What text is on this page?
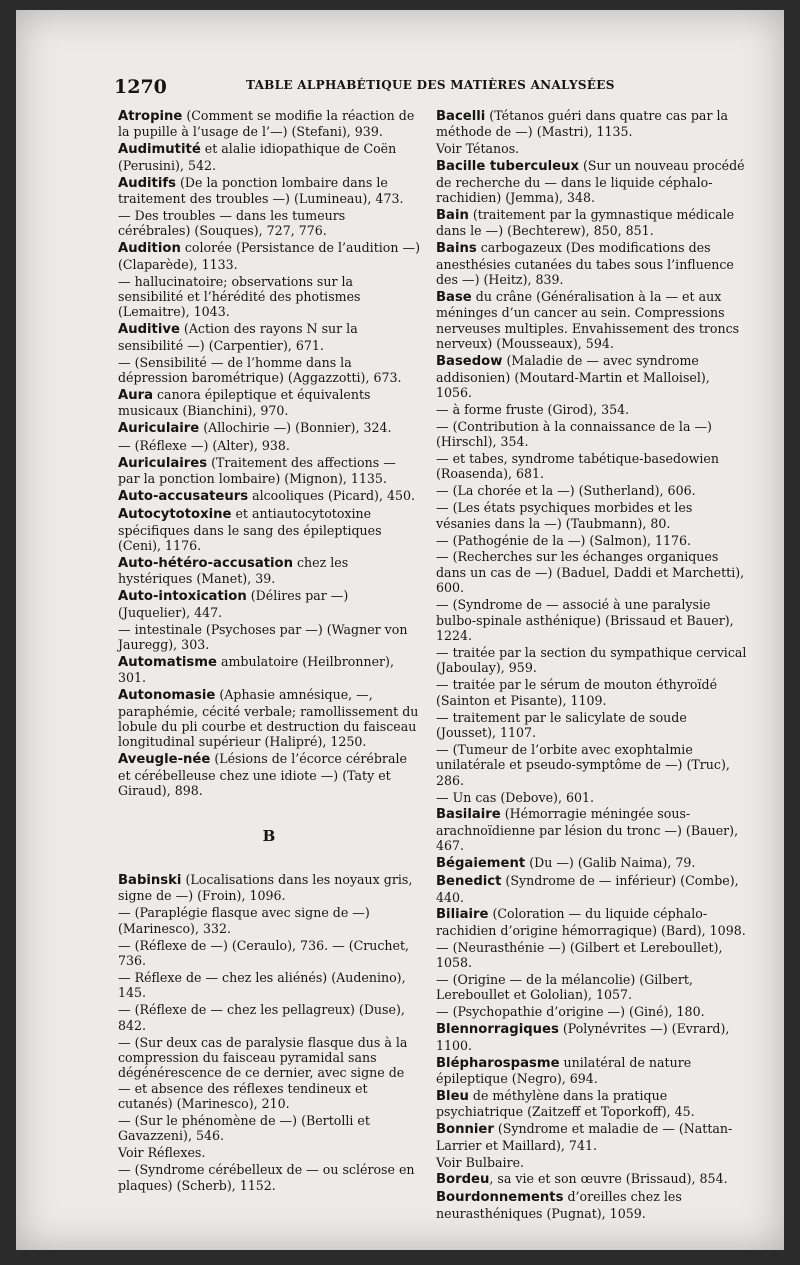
1270	TABLE ALPHABÉTIQUE DES MATIÈRES ANALYSÉES
Atropine (Comment se modifie la réaction de la pupille à l’usage de l’—) (Stefani), 939.
Audimutité et alalie idiopathique de Coën (Perusini), 542.
Auditifs (De la ponction lombaire dans le traitement des troubles —) (Lumineau), 473.
— Des troubles — dans les tumeurs cérébrales) (Souques), 727, 776.
Audition colorée (Persistance de l’audition —) (Claparède), 1133.
— hallucinatoire; observations sur la sensibilité et l’hérédité des photismes (Lemaitre), 1043.
Auditive (Action des rayons N sur la sensibilité —) (Carpentier), 671.
— (Sensibilité — de l’homme dans la dépression barométrique) (Aggazzotti), 673.
Aura canora épileptique et équivalents musicaux (Bianchini), 970.
Auriculaire (Allochirie —) (Bonnier), 324.
— (Réflexe —) (Alter), 938.
Auriculaires (Traitement des affections — par la ponction lombaire) (Mignon), 1135.
Auto-accusateurs alcooliques (Picard), 450.
Autocytotoxine et antiautocytotoxine spécifiques dans le sang des épileptiques (Ceni), 1176.
Auto-hétéro-accusation chez les hystériques (Manet), 39.
Auto-intoxication (Délires par —) (Juquelier), 447.
— intestinale (Psychoses par —) (Wagner von Jauregg), 303.
Automatisme ambulatoire (Heilbronner), 301.
Autonomasie (Aphasie amnésique, —, paraphémie, cécité verbale; ramollissement du lobule du pli courbe et destruction du faisceau longitudinal supérieur (Halipré), 1250.
Aveugle-née (Lésions de l’écorce cérébrale et cérébelleuse chez une idiote —) (Taty et Giraud), 898.
B
Babinski (Localisations dans les noyaux gris, signe de —) (Froin), 1096.
— (Paraplégie flasque avec signe de —) (Marinesco), 332.
— (Réflexe de —) (Ceraulo), 736. — (Cruchet, 736.
— Réflexe de — chez les aliénés) (Audenino), 145.
— (Réflexe de — chez les pellagreux) (Duse), 842.
— (Sur deux cas de paralysie flasque dus à la compression du faisceau pyramidal sans dégénérescence de ce dernier, avec signe de — et absence des réflexes tendineux et cutanés) (Marinesco), 210.
— (Sur le phénomène de —) (Bertolli et Gavazzeni), 546.
Voir Réflexes.
— (Syndrome cérébelleux de — ou sclérose en plaques) (Scherb), 1152.
Bacelli (Tétanos guéri dans quatre cas par la méthode de —) (Mastri), 1135.
Voir Tétanos.
Bacille tuberculeux (Sur un nouveau procédé de recherche du — dans le liquide céphalo-rachidien) (Jemma), 348.
Bain (traitement par la gymnastique médicale dans le —) (Bechterew), 850, 851.
Bains carbogazeux (Des modifications des anesthésies cutanées du tabes sous l’influence des —) (Heitz), 839.
Base du crâne (Généralisation à la — et aux méninges d’un cancer au sein. Compressions nerveuses multiples. Envahissement des troncs nerveux) (Mousseaux), 594.
Basedow (Maladie de — avec syndrome addisonien) (Moutard-Martin et Malloisel), 1056.
— à forme fruste (Girod), 354.
— (Contribution à la connaissance de la —) (Hirschl), 354.
— et tabes, syndrome tabétique-basedowien (Roasenda), 681.
— (La chorée et la —) (Sutherland), 606.
— (Les états psychiques morbides et les vésanies dans la —) (Taubmann), 80.
— (Pathogénie de la —) (Salmon), 1176.
— (Recherches sur les échanges organiques dans un cas de —) (Baduel, Daddi et Marchetti), 600.
— (Syndrome de — associé à une paralysie bulbo-spinale asthénique) (Brissaud et Bauer), 1224.
— traitée par la section du sympathique cervical (Jaboulay), 959.
— traitée par le sérum de mouton éthyroïdé (Sainton et Pisante), 1109.
— traitement par le salicylate de soude (Jousset), 1107.
— (Tumeur de l’orbite avec exophtalmie unilatérale et pseudo-symptôme de —) (Truc), 286.
— Un cas (Debove), 601.
Basilaire (Hémorragie méningée sous-arachnoïdienne par lésion du tronc —) (Bauer), 467.
Bégaiement (Du —) (Galib Naima), 79.
Benedict (Syndrome de — inférieur) (Combe), 440.
Biliaire (Coloration — du liquide céphalo-rachidien d’origine hémorragique) (Bard), 1098.
— (Neurasthénie —) (Gilbert et Lereboullet), 1058.
— (Origine — de la mélancolie) (Gilbert, Lereboullet et Gololian), 1057.
— (Psychopathie d’origine —) (Giné), 180.
Blennorragiques (Polynévrites —) (Evrard), 1100.
Blépharospasme unilatéral de nature épileptique (Negro), 694.
Bleu de méthylène dans la pratique psychiatrique (Zaitzeff et Toporkoff), 45.
Bonnier (Syndrome et maladie de — (Nattan-Larrier et Maillard), 741.
Voir Bulbaire.
Bordeu, sa vie et son œuvre (Brissaud), 854.
Bourdonnements d’oreilles chez les neurasthéniques (Pugnat), 1059.
